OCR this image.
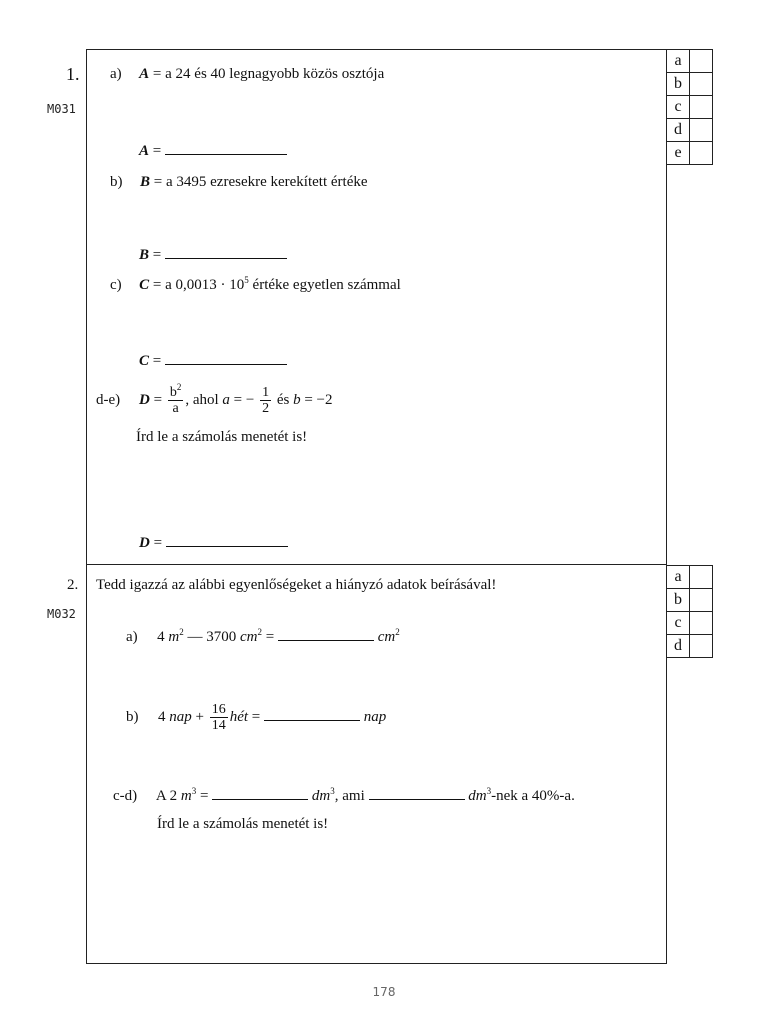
1.
M031
a) A = a 24 és 40 legnagyobb közös osztója
A =
b) B = a 3495 ezresekre kerekített értéke
B =
c) C = a $0,0013 \cdot 10^5$ értéke egyetlen számmal
C =
d-e) $D = \frac{b^2}{a}$ , ahol a = − $\frac{1}{2}$ és b = −2
Írd le a számolás menetét is!
D =
a	
b	
c	
d	
e	
2.
M032
Tedd igazzá az alábbi egyenlőségeket a hiányzó adatok beírásával!
a) 4 $m^2$ — 3700 $cm^2$ =	$cm^2$
b) 4 nap + $\frac{16}{14}$ hét =	nap
c-d) A 2 $m^3$ =	$dm^3$, ami	$dm^3$-nek a 40%-a.
Írd le a számolás menetét is!
a	
b	
c	
d	
178
